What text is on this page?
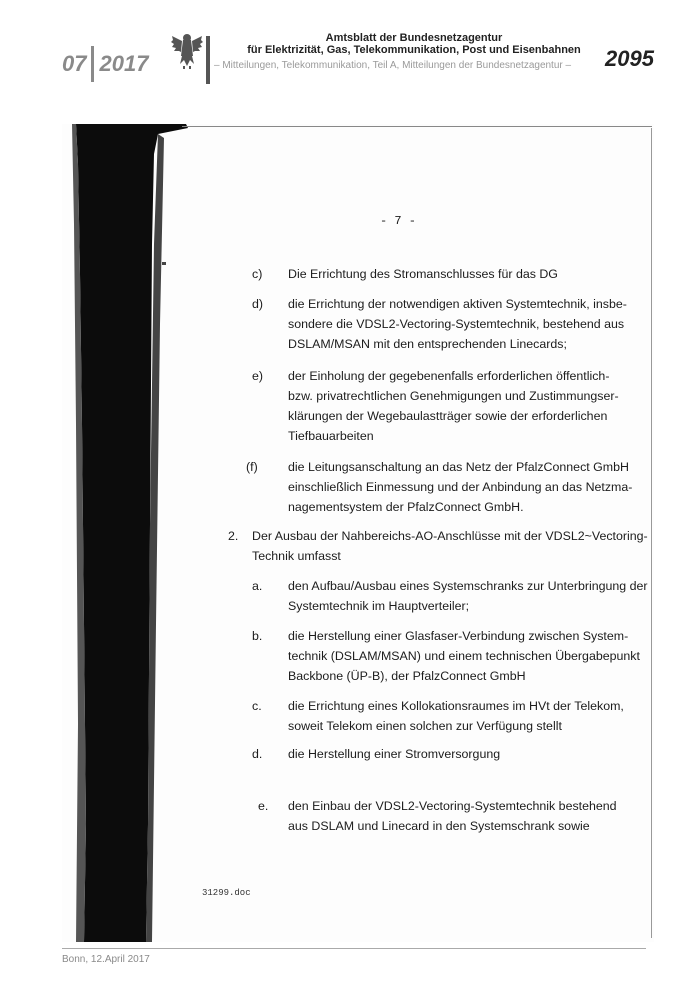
07 2017
Amtsblatt der Bundesnetzagentur
für Elektrizität, Gas, Telekommunikation, Post und Eisenbahnen
– Mitteilungen, Telekommunikation, Teil A, Mitteilungen der Bundesnetzagentur – 2095
- 7 -
c) Die Errichtung des Stromanschlusses für das DG
d) die Errichtung der notwendigen aktiven Systemtechnik, insbe-
sondere die VDSL2-Vectoring-Systemtechnik, bestehend aus
DSLAM/MSAN mit den entsprechenden Linecards;
e) der Einholung der gegebenenfalls erforderlichen öffentlich-
bzw. privatrechtlichen Genehmigungen und Zustimmungser-
klärungen der Wegebaulastträger sowie der erforderlichen
Tiefbauarbeiten
(f) die Leitungsanschaltung an das Netz der PfalzConnect GmbH
einschließlich Einmessung und der Anbindung an das Netzma-
nagementsystem der PfalzConnect GmbH.
2. Der Ausbau der Nahbereichs-AO-Anschlüsse mit der VDSL2~Vectoring-
Technik umfasst
a. den Aufbau/Ausbau eines Systemschranks zur Unterbringung der
Systemtechnik im Hauptverteiler;
b. die Herstellung einer Glasfaser-Verbindung zwischen System-
technik (DSLAM/MSAN) und einem technischen Übergabepunkt
Backbone (ÜP-B), der PfalzConnect GmbH
c. die Errichtung eines Kollokationsraumes im HVt der Telekom,
soweit Telekom einen solchen zur Verfügung stellt
d. die Herstellung einer Stromversorgung
e. den Einbau der VDSL2-Vectoring-Systemtechnik bestehend
aus DSLAM und Linecard in den Systemschrank sowie
31299.doc
Bonn, 12.April 2017
